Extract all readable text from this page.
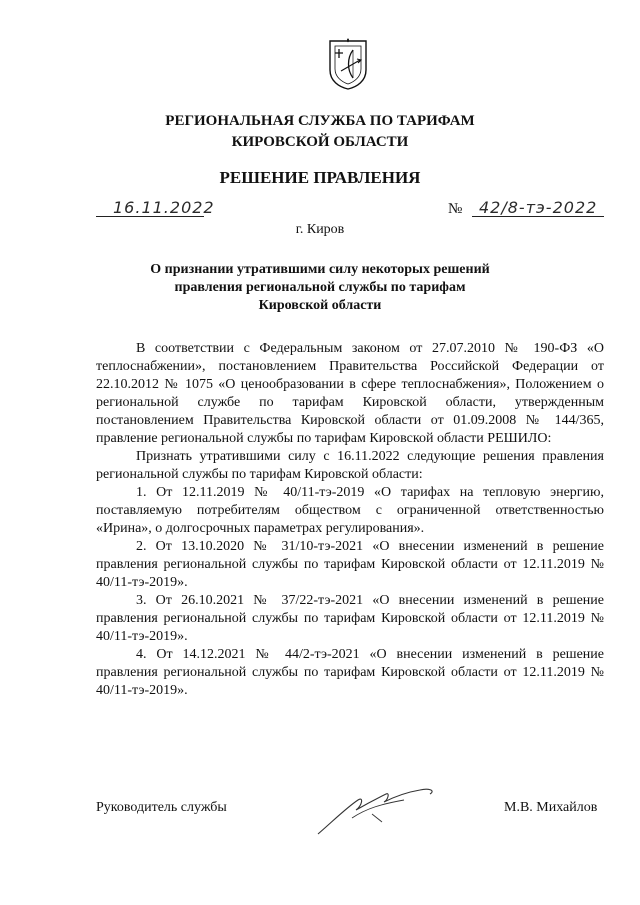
РЕГИОНАЛЬНАЯ СЛУЖБА ПО ТАРИФАМ
КИРОВСКОЙ ОБЛАСТИ
РЕШЕНИЕ ПРАВЛЕНИЯ
16.11.2022	№ 42/8-тэ-2022
г. Киров
О признании утратившими силу некоторых решений правления региональной службы по тарифам Кировской области

В соответствии с Федеральным законом от 27.07.2010 № 190-ФЗ «О теплоснабжении», постановлением Правительства Российской Федерации от 22.10.2012 № 1075 «О ценообразовании в сфере теплоснабжения», Положением о региональной службе по тарифам Кировской области, утвержденным постановлением Правительства Кировской области от 01.09.2008 № 144/365, правление региональной службы по тарифам Кировской области РЕШИЛО:

Признать утратившими силу с 16.11.2022 следующие решения правления региональной службы по тарифам Кировской области:

1. От 12.11.2019 № 40/11-тэ-2019 «О тарифах на тепловую энергию, поставляемую потребителям обществом с ограниченной ответственностью «Ирина», о долгосрочных параметрах регулирования».
2. От 13.10.2020 № 31/10-тэ-2021 «О внесении изменений в решение правления региональной службы по тарифам Кировской области от 12.11.2019 № 40/11-тэ-2019».
3. От 26.10.2021 № 37/22-тэ-2021 «О внесении изменений в решение правления региональной службы по тарифам Кировской области от 12.11.2019 № 40/11-тэ-2019».
4. От 14.12.2021 № 44/2-тэ-2021 «О внесении изменений в решение правления региональной службы по тарифам Кировской области от 12.11.2019 № 40/11-тэ-2019».
Руководитель службы	М.В. Михайлов
